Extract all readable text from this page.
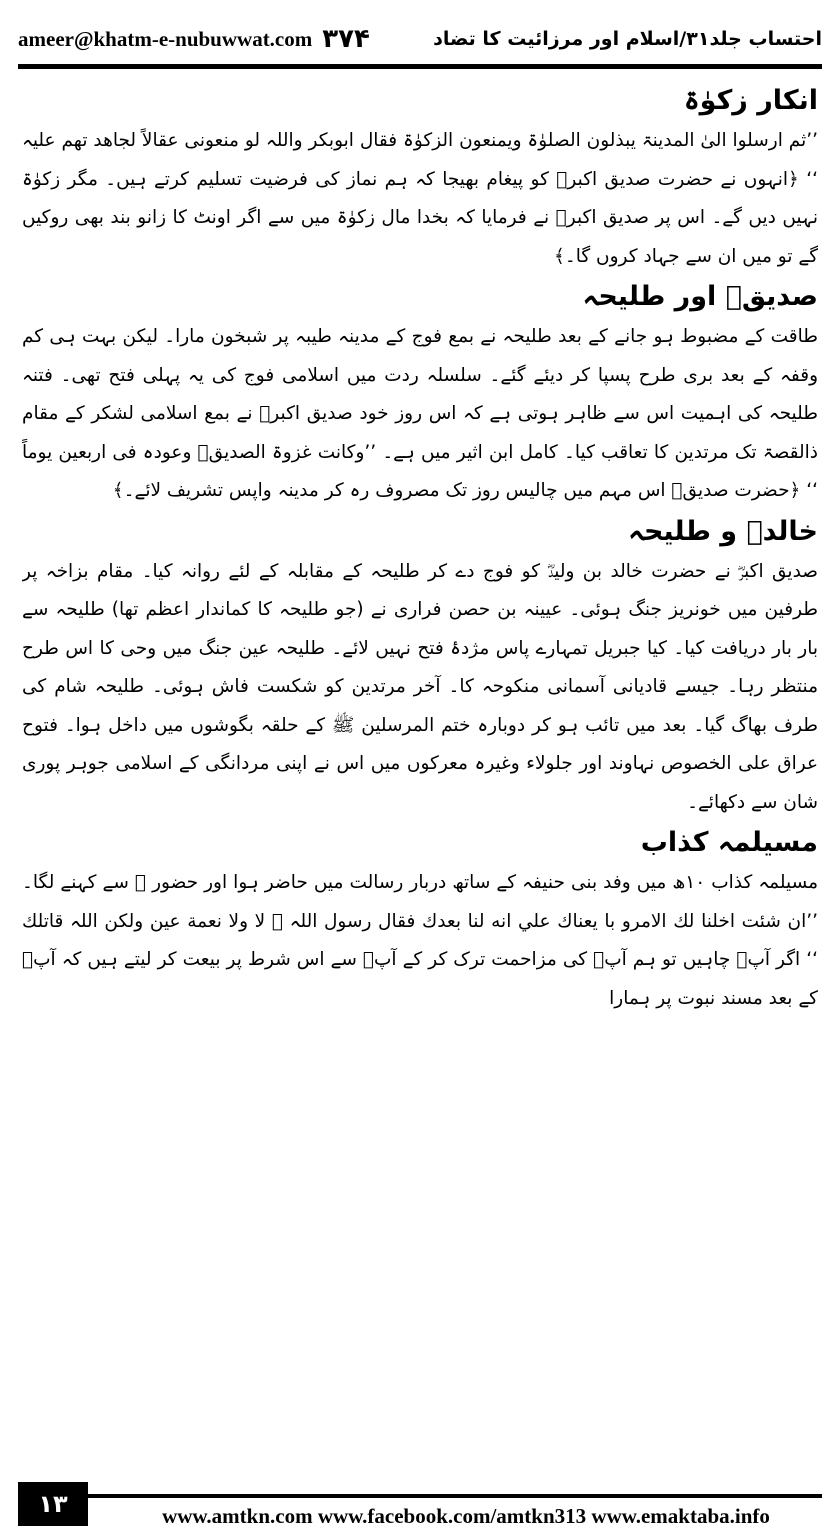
ameer@khatm-e-nubuwwat.com ۳۷۴	احتساب جلد۳۱/اسلام اور مرزائیت کا تضاد
انکار زکوٰۃ

’’ثم ارسلوا الیٰ المدینۃ یبذلون الصلوٰۃ ویمنعون الزکوٰۃ فقال ابوبکر واللہ لو منعونی عقالاً لجاھد تھم علیہ ‘‘ ﴿انہوں نے حضرت صدیق اکبرؓ کو پیغام بھیجا کہ ہم نماز کی فرضیت تسلیم کرتے ہیں۔ مگر زکوٰۃ نہیں دیں گے۔ اس پر صدیق اکبرؓ نے فرمایا کہ بخدا مال زکوٰۃ میں سے اگر اونٹ کا زانو بند بھی روکیں گے تو میں ان سے جہاد کروں گا۔﴾

صدیقؓ اور طلیحہ

طاقت کے مضبوط ہو جانے کے بعد طلیحہ نے بمع فوج کے مدینہ طیبہ پر شبخون مارا۔ لیکن بہت ہی کم وقفہ کے بعد بری طرح پسپا کر دیئے گئے۔ سلسلہ ردت میں اسلامی فوج کی یہ پہلی فتح تھی۔ فتنہ طلیحہ کی اہمیت اس سے ظاہر ہوتی ہے کہ اس روز خود صدیق اکبرؓ نے بمع اسلامی لشکر کے مقام ذالقصۃ تک مرتدین کا تعاقب کیا۔ کامل ابن اثیر میں ہے۔ ’’وکانت غزوۃ الصدیقؓ وعودہ فی اربعین یوماً ‘‘ ﴿حضرت صدیقؓ اس مہم میں چالیس روز تک مصروف رہ کر مدینہ واپس تشریف لائے۔﴾

خالدؓ و طلیحہ

صدیق اکبرؓ نے حضرت خالد بن ولیدؓ کو فوج دے کر طلیحہ کے مقابلہ کے لئے روانہ کیا۔ مقام بزاخہ پر طرفین میں خونریز جنگ ہوئی۔ عیینہ بن حصن فراری نے (جو طلیحہ کا کماندار اعظم تھا) طلیحہ سے بار بار دریافت کیا۔ کیا جبریل تمہارے پاس مژدۂ فتح نہیں لائے۔ طلیحہ عین جنگ میں وحی کا اس طرح منتظر رہا۔ جیسے قادیانی آسمانی منکوحہ کا۔ آخر مرتدین کو شکست فاش ہوئی۔ طلیحہ شام کی طرف بھاگ گیا۔ بعد میں تائب ہو کر دوبارہ ختم المرسلین ﷺ کے حلقہ بگوشوں میں داخل ہوا۔ فتوح عراق علی الخصوص نہاوند اور جلولاء وغیرہ معرکوں میں اس نے اپنی مردانگی کے اسلامی جوہر پوری شان سے دکھائے۔

مسیلمہ کذاب

مسیلمہ کذاب ۱۰ھ میں وفد بنی حنیفہ کے ساتھ دربار رسالت میں حاضر ہوا اور حضور ﷺ سے کہنے لگا۔ ’’ان شئت اخلنا لك الامرو با یعناك علي انه لنا بعدك فقال رسول اللہ ﷺ لا ولا نعمة عين ولكن اللہ قاتلك ‘‘ اگر آپؐ چاہیں تو ہم آپؐ کی مزاحمت ترک کر کے آپؐ سے اس شرط پر بیعت کر لیتے ہیں کہ آپؐ کے بعد مسند نبوت پر ہمارا

۱۳	www.amtkn.com www.facebook.com/amtkn313 www.emaktaba.info
